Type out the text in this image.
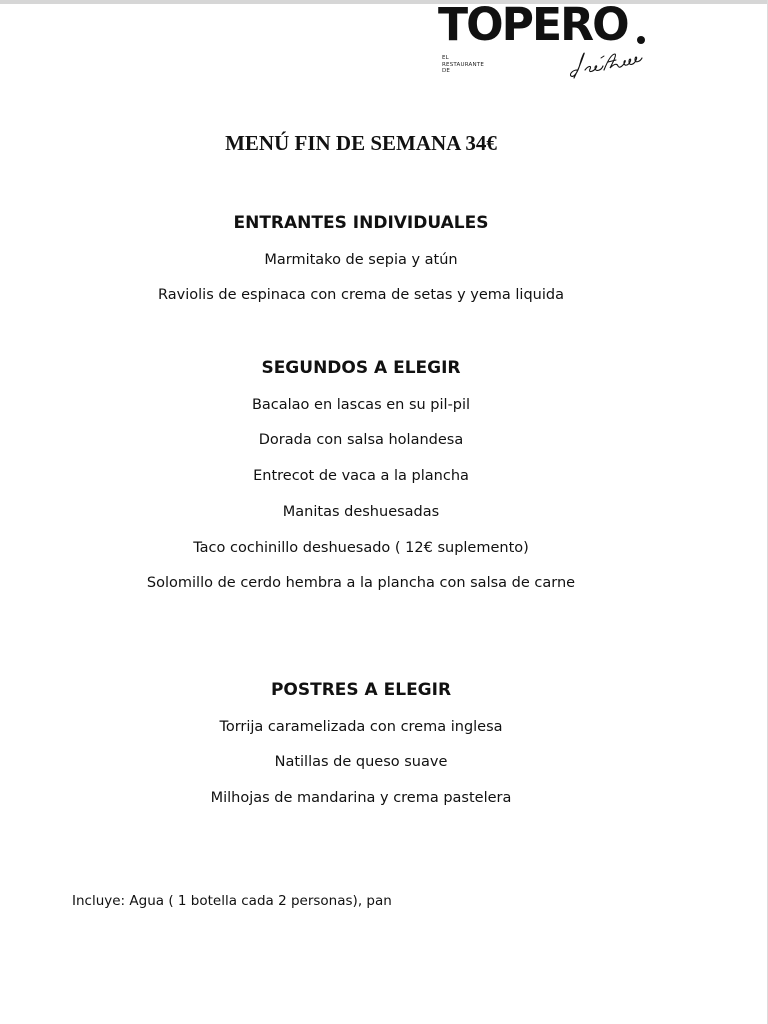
TOPERO
EL
RESTAURANTE
DE
MENÚ FIN DE SEMANA 34€
ENTRANTES INDIVIDUALES
Marmitako de sepia y atún
Raviolis de espinaca con crema de setas y yema liquida
SEGUNDOS A ELEGIR
Bacalao en lascas en su pil-pil
Dorada con salsa holandesa
Entrecot de vaca a la plancha
Manitas deshuesadas
Taco cochinillo deshuesado ( 12€ suplemento)
Solomillo de cerdo hembra a la plancha con salsa de carne
POSTRES A ELEGIR
Torrija caramelizada con crema inglesa
Natillas de queso suave
Milhojas de mandarina y crema pastelera
Incluye: Agua ( 1 botella cada 2 personas), pan
